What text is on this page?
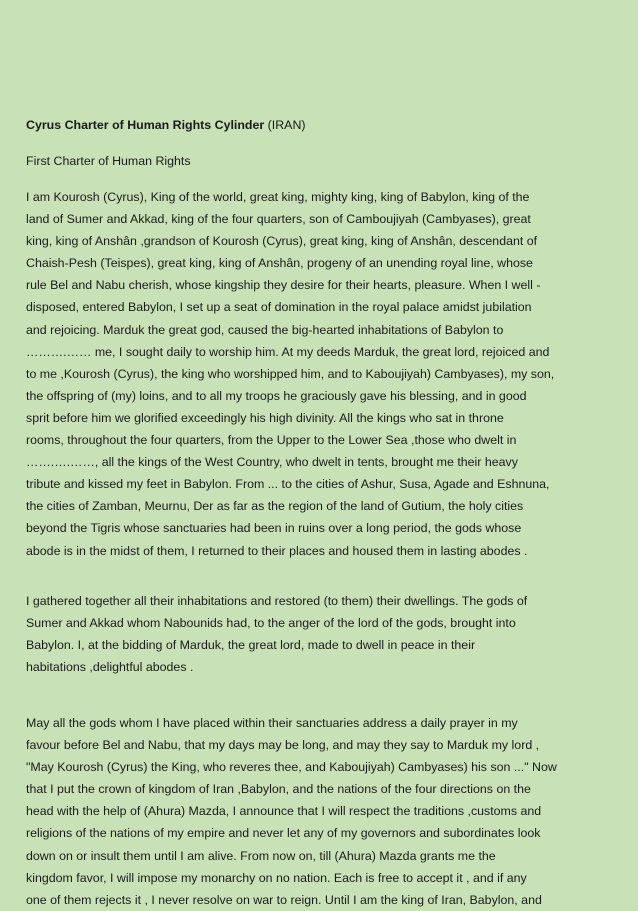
Cyrus Charter of Human Rights Cylinder (IRAN)

First Charter of Human Rights

I am Kourosh (Cyrus), King of the world, great king, mighty king, king of Babylon, king of the
land of Sumer and Akkad, king of the four quarters, son of Camboujiyah (Cambyases), great
king, king of Anshân ,grandson of Kourosh (Cyrus), great king, king of Anshân, descendant of
Chaish-Pesh (Teispes), great king, king of Anshân, progeny of an unending royal line, whose
rule Bel and Nabu cherish, whose kingship they desire for their hearts, pleasure. When I well -
disposed, entered Babylon, I set up a seat of domination in the royal palace amidst jubilation
and rejoicing. Marduk the great god, caused the big-hearted inhabitations of Babylon to
……….…… me, I sought daily to worship him. At my deeds Marduk, the great lord, rejoiced and
to me ,Kourosh (Cyrus), the king who worshipped him, and to Kaboujiyah) Cambyases), my son,
the offspring of (my) loins, and to all my troops he graciously gave his blessing, and in good
sprit before him we glorified exceedingly his high divinity. All the kings who sat in throne
rooms, throughout the four quarters, from the Upper to the Lower Sea ,those who dwelt in
…….….……, all the kings of the West Country, who dwelt in tents, brought me their heavy
tribute and kissed my feet in Babylon. From ... to the cities of Ashur, Susa, Agade and Eshnuna,
the cities of Zamban, Meurnu, Der as far as the region of the land of Gutium, the holy cities
beyond the Tigris whose sanctuaries had been in ruins over a long period, the gods whose
abode is in the midst of them, I returned to their places and housed them in lasting abodes .

I gathered together all their inhabitations and restored (to them) their dwellings. The gods of
Sumer and Akkad whom Nabounids had, to the anger of the lord of the gods, brought into
Babylon. I, at the bidding of Marduk, the great lord, made to dwell in peace in their
habitations ,delightful abodes .

May all the gods whom I have placed within their sanctuaries address a daily prayer in my
favour before Bel and Nabu, that my days may be long, and may they say to Marduk my lord ,
"May Kourosh (Cyrus) the King, who reveres thee, and Kaboujiyah) Cambyases) his son ..." Now
that I put the crown of kingdom of Iran ,Babylon, and the nations of the four directions on the
head with the help of (Ahura) Mazda, I announce that I will respect the traditions ,customs and
religions of the nations of my empire and never let any of my governors and subordinates look
down on or insult them until I am alive. From now on, till (Ahura) Mazda grants me the
kingdom favor, I will impose my monarchy on no nation. Each is free to accept it , and if any
one of them rejects it , I never resolve on war to reign. Until I am the king of Iran, Babylon, and
